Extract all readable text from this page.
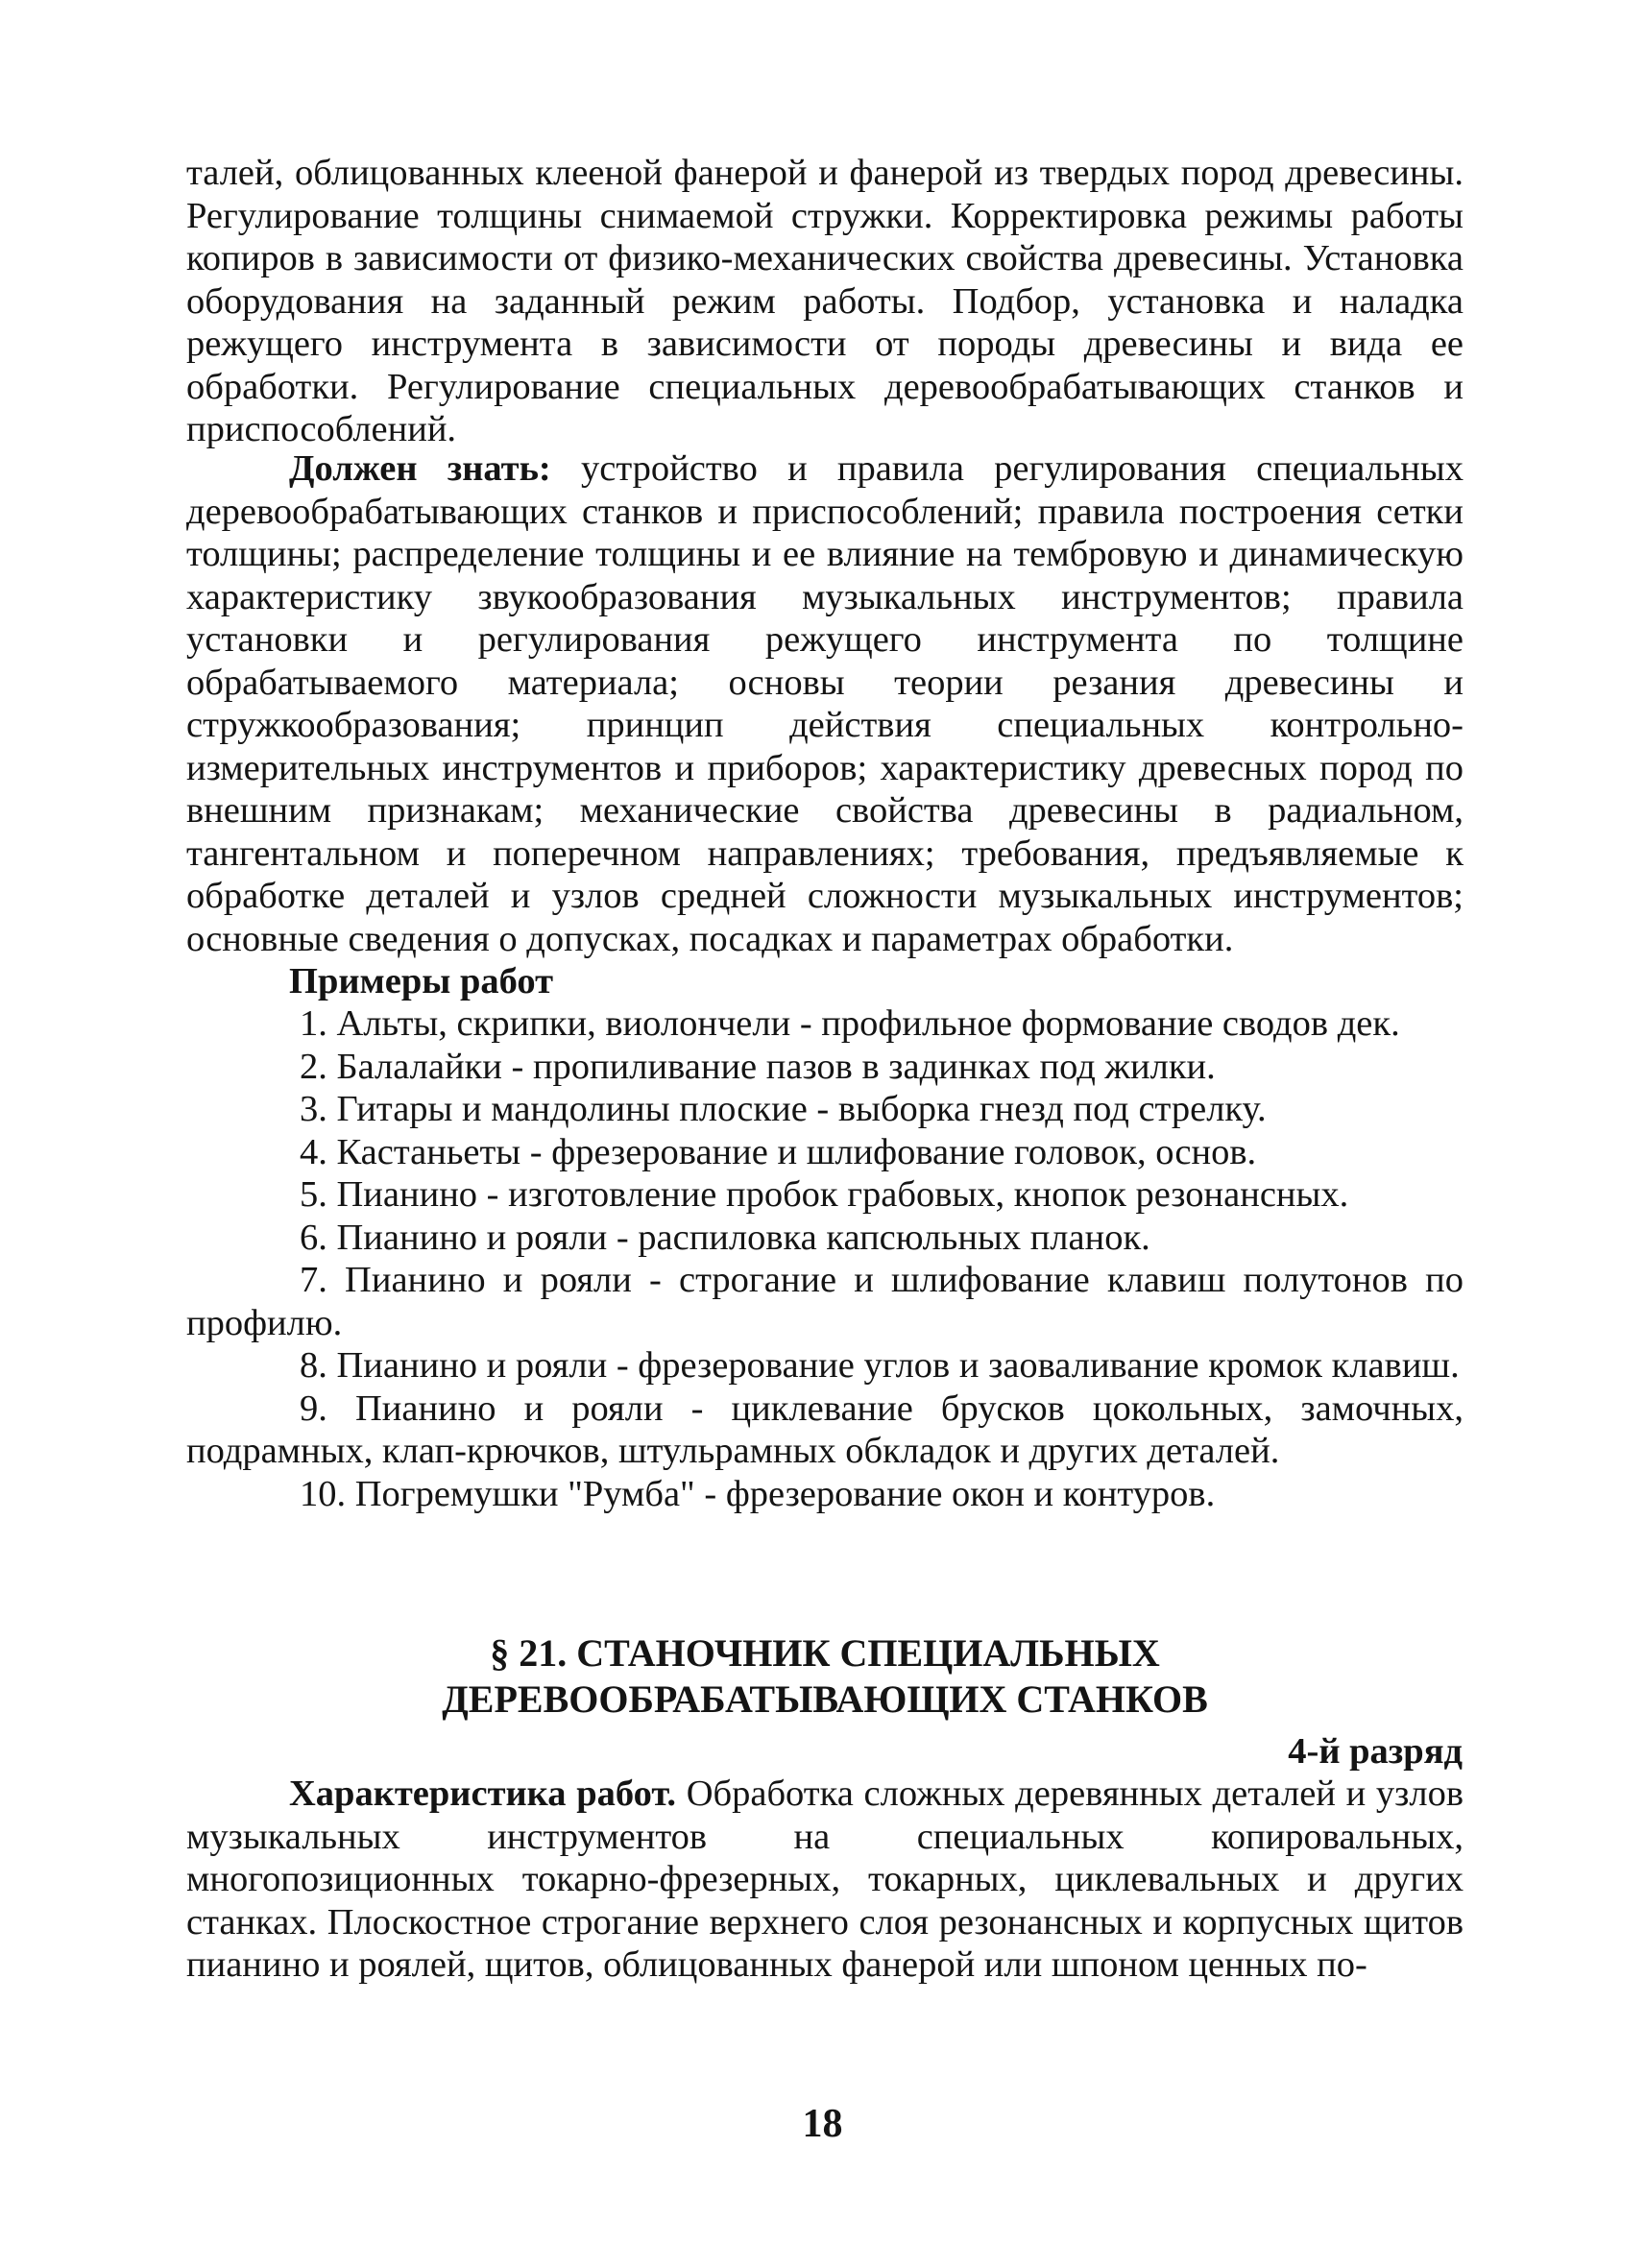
талей, облицованных клееной фанерой и фанерой из твердых пород древесины. Регулирование толщины снимаемой стружки. Корректировка режимы работы копиров в зависимости от физико-механических свойства древесины. Установка оборудования на заданный режим работы. Подбор, установка и наладка режущего инструмента в зависимости от породы древесины и вида ее обработки. Регулирование специальных деревообрабатывающих станков и приспособлений.

Должен знать: устройство и правила регулирования специальных деревообрабатывающих станков и приспособлений; правила построения сетки толщины; распределение толщины и ее влияние на тембровую и динамическую характеристику звукообразования музыкальных инструментов; правила установки и регулирования режущего инструмента по толщине обрабатываемого материала; основы теории резания древесины и стружкообразования; принцип действия специальных контрольно-измерительных инструментов и приборов; характеристику древесных пород по внешним признакам; механические свойства древесины в радиальном, тангентальном и поперечном направлениях; требования, предъявляемые к обработке деталей и узлов средней сложности музыкальных инструментов; основные сведения о допусках, посадках и параметрах обработки.

Примеры работ

1. Альты, скрипки, виолончели - профильное формование сводов дек.

2. Балалайки - пропиливание пазов в задинках под жилки.

3. Гитары и мандолины плоские - выборка гнезд под стрелку.

4. Кастаньеты - фрезерование и шлифование головок, основ.

5. Пианино - изготовление пробок грабовых, кнопок резонансных.

6. Пианино и рояли - распиловка капсюльных планок.

7. Пианино и рояли - строгание и шлифование клавиш полутонов по профилю.

8. Пианино и рояли - фрезерование углов и заоваливание кромок клавиш.

9. Пианино и рояли - циклевание брусков цокольных, замочных, подрамных, клап-крючков, штульрамных обкладок и других деталей.

10. Погремушки "Румба" - фрезерование окон и контуров.

§ 21. СТАНОЧНИК СПЕЦИАЛЬНЫХ
ДЕРЕВООБРАБАТЫВАЮЩИХ СТАНКОВ
4-й разряд

Характеристика работ. Обработка сложных деревянных деталей и узлов музыкальных инструментов на специальных копировальных, многопозиционных токарно-фрезерных, токарных, циклевальных и других станках. Плоскостное строгание верхнего слоя резонансных и корпусных щитов пианино и роялей, щитов, облицованных фанерой или шпоном ценных по-

18
